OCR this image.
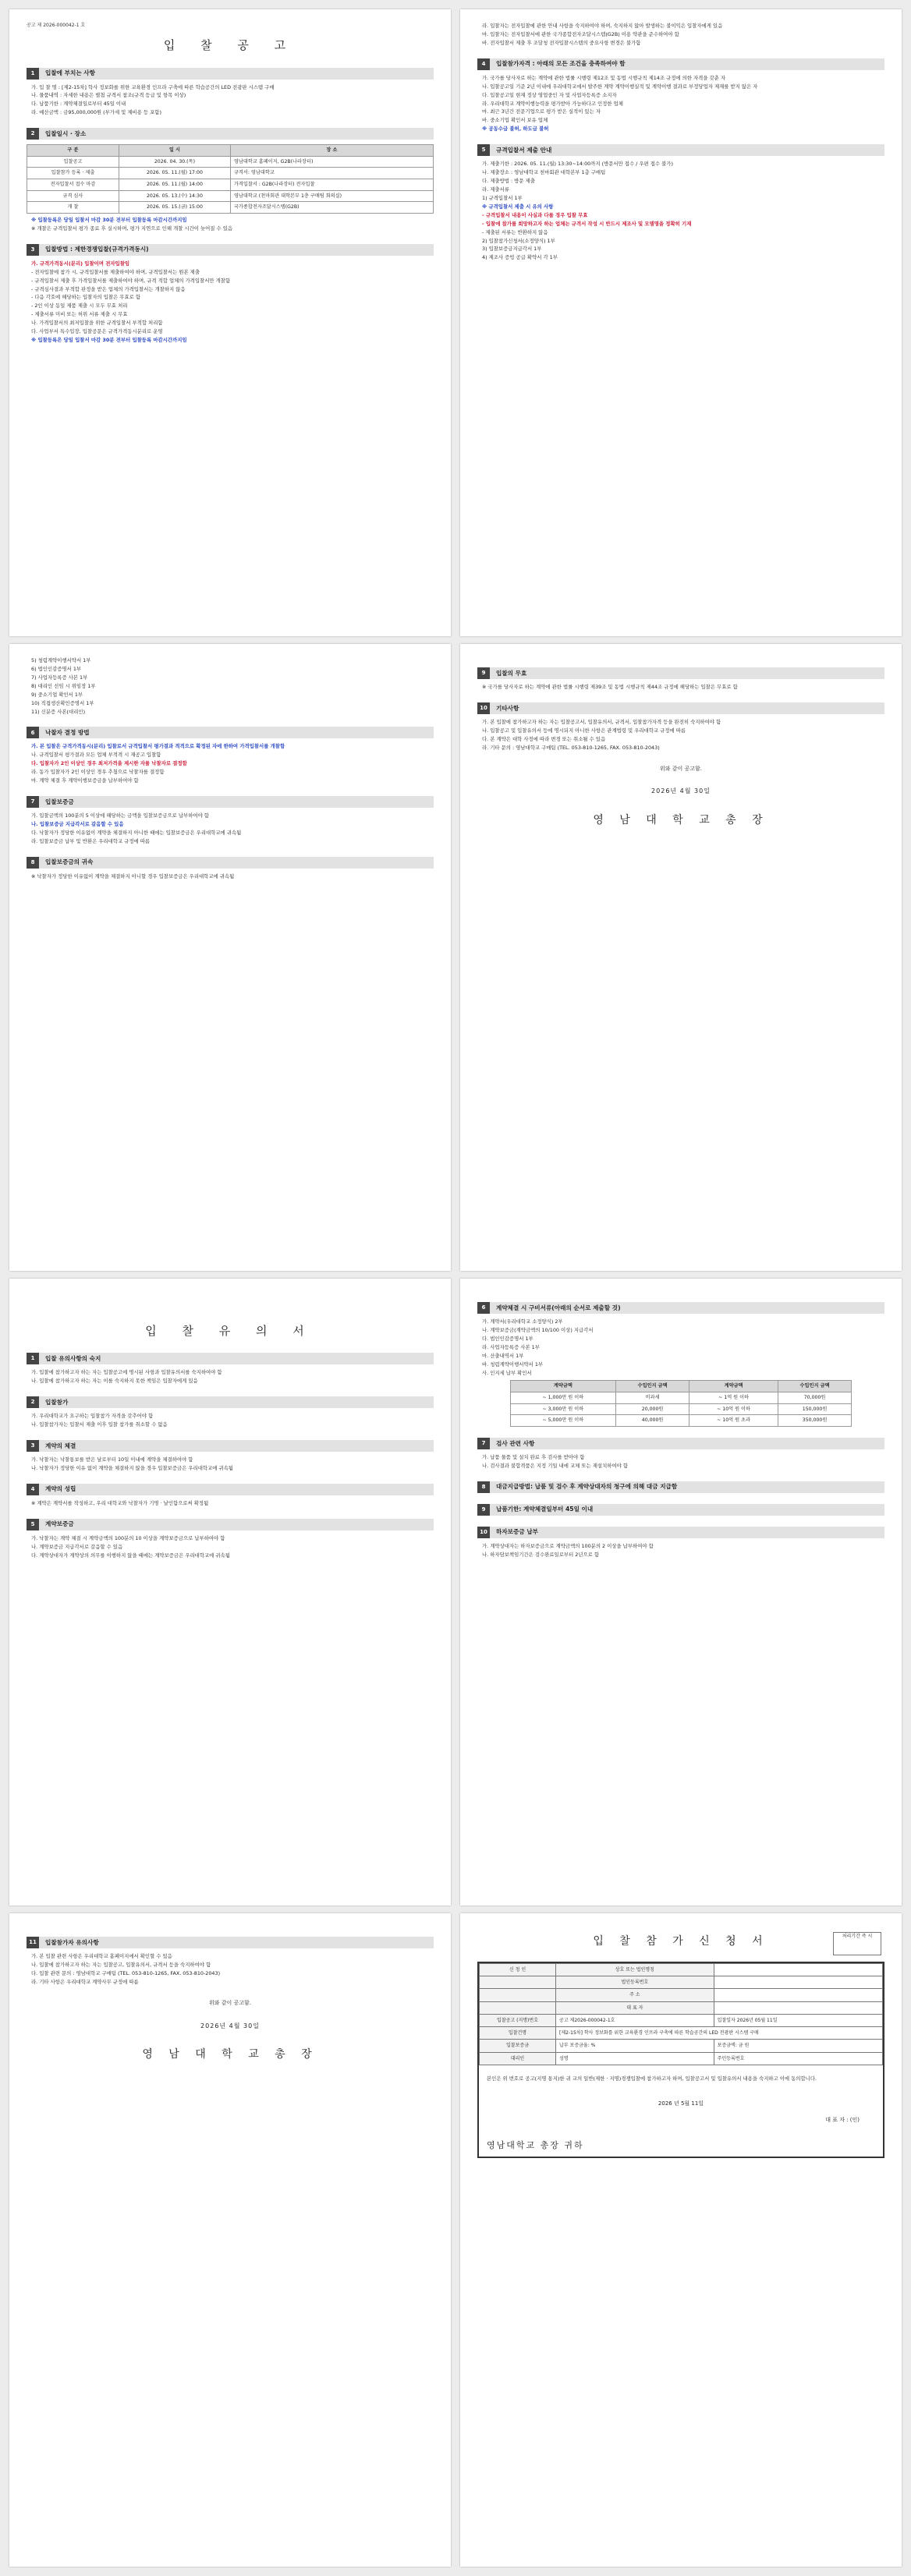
공고 제 2026-000042-1 호
입 찰 공 고
1	입찰에 부치는 사항
가. 입 찰 명 : [제2-15차] 학사 정보화를 위한 교육환경 인프라 구축에 따른 학습공간의 LED 전광판 시스템 구매
나. 물품내역 : 자세한 내용은 별첨 규격서 참조(규격 등급 및 항목 이상)
다. 납품기한 : 계약체결일로부터 45일 이내
라. 예산금액 : 금95,000,000원 (부가세 및 제비용 등 포함)
2	입찰일시 · 장소
구 분	일 시	장 소
입찰공고	2026. 04. 30.(목)	영남대학교 홈페이지, G2B(나라장터)
입찰참가 등록 · 제출	2026. 05. 11.(월) 17:00	규격서: 영남대학교
전자입찰서 접수 마감	2026. 05. 11.(월) 14:00	가격입찰서 : G2B(나라장터) 전자입찰
규격 심사	2026. 05. 13.(수) 14:30	영남대학교 (천마회관 대학본부 1층 구매팀 회의실)
개 찰	2026. 05. 15.(금) 15:00	국가종합전자조달시스템(G2B)
※ 입찰등록은 당일 입찰서 마감 30분 전부터 입찰등록 마감시간까지임
※ 개찰은 규격입찰서 평가 종료 후 실시하며, 평가 지연으로 인해 개찰 시간이 늦어질 수 있음
3	입찰방법 : 제한경쟁입찰(규격가격동시)
가. 규격가격동시(분리) 입찰이며 전자입찰임
- 전자입찰에 참가 시, 규격입찰서를 제출하여야 하며, 규격입찰서는 원본 제출
- 규격입찰서 제출 후 가격입찰서를 제출하여야 하며, 규격 적합 업체의 가격입찰서만 개찰함
- 규격심사결과 부적합 판정을 받은 업체의 가격입찰서는 개찰하지 않음
- 다음 각호에 해당하는 입찰자의 입찰은 무효로 함
- 2인 이상 동일 제품 제출 시 모두 무효 처리
- 제출서류 미비 또는 허위 서류 제출 시 무효
나. 가격입찰서의 최저입찰을 위한 규격입찰서 부적합 처리함
다. 사업부서 특수입장, 입찰공문은 규격가격동시분리로 운영
※ 입찰등록은 당일 입찰서 마감 30분 전부터 입찰등록 마감시간까지임
라. 입찰자는 전자입찰에 관한 안내 사항을 숙지하여야 하며, 숙지하지 않아 발생하는 불이익은 입찰자에게 있음
마. 입찰자는 전자입찰서에 관한 국가종합전자조달시스템(G2B) 이용 약관을 준수하여야 함
바. 전자입찰서 제출 후 조달청 전자입찰시스템의 중요사항 변경은 불가함
4	입찰참가자격 : 아래의 모든 조건을 충족하여야 함
가. 국가를 당사자로 하는 계약에 관한 법률 시행령 제12조 및 동법 시행규칙 제14조 규정에 의한 자격을 갖춘 자
나. 입찰공고일 기준 2년 이내에 우리대학교에서 발주한 계약 계약이행실적 및 계약이행 결과로 부정당업자 제재를 받지 않은 자
다. 입찰공고일 현재 정상 영업중인 자 및 사업자등록증 소지자
라. 우리대학교 계약이행능력을 평가받아 가능하다고 인정한 업체
마. 최근 3년간 전문기업으로 평가 받은 실적이 있는 자
바. 중소기업 확인서 보유 업체
※ 공동수급 불허, 하도급 불허
5	규격입찰서 제출 안내
가. 제출기한 : 2026. 05. 11.(월) 13:30~14:00까지 (방문서만 접수 / 우편 접수 불가)
나. 제출장소 : 영남대학교 천마회관 대학본부 1층 구매팀
다. 제출방법 : 방문 제출
라. 제출서류
1) 규격입찰서 1부
※ 규격입찰서 제출 시 유의 사항
- 규격입찰서 내용이 사실과 다를 경우 입찰 무효
- 입찰에 참가를 희망하고자 하는 업체는 규격서 작성 시 반드시 제조사 및 모델명을 정확히 기재
- 제출된 서류는 반환하지 않음
2) 입찰참가신청서(소정양식) 1부
3) 입찰보증금지급각서 1부
4) 제조사 증빙 공급 확약서 각 1부
5) 청렴계약이행서약서 1부
6) 법인인감증명서 1부
7) 사업자등록증 사본 1부
8) 대리인 선임 시 위임장 1부
9) 중소기업 확인서 1부
10) 직접생산확인증명서 1부
11) 신분증 사본(대리인)
6	낙찰자 결정 방법
가. 본 입찰은 규격가격동시(분리) 입찰로서 규격입찰서 평가결과 적격으로 확정된 자에 한하여 가격입찰서를 개찰함
나. 규격입찰서 평가결과 모든 업체 부적격 시 재공고 입찰함
다. 입찰자가 2인 이상인 경우 최저가격을 제시한 자를 낙찰자로 결정함
라. 동가 입찰자가 2인 이상인 경우 추첨으로 낙찰자를 결정함
마. 계약 체결 후 계약이행보증금을 납부하여야 함
7	입찰보증금
가. 입찰금액의 100분의 5 이상에 해당하는 금액을 입찰보증금으로 납부하여야 함
나. 입찰보증금 지급각서로 갈음할 수 있음
다. 낙찰자가 정당한 이유없이 계약을 체결하지 아니한 때에는 입찰보증금은 우리대학교에 귀속됨
라. 입찰보증금 납부 및 반환은 우리대학교 규정에 따름
8	입찰보증금의 귀속
※ 낙찰자가 정당한 이유없이 계약을 체결하지 아니할 경우 입찰보증금은 우리대학교에 귀속됨
9	입찰의 무효
※ 국가를 당사자로 하는 계약에 관한 법률 시행령 제39조 및 동법 시행규칙 제44조 규정에 해당하는 입찰은 무효로 함
10	기타사항
가. 본 입찰에 참가하고자 하는 자는 입찰공고서, 입찰유의서, 규격서, 입찰참가자격 등을 완전히 숙지하여야 함
나. 입찰공고 및 입찰유의서 등에 명시되지 아니한 사항은 관계법령 및 우리대학교 규정에 따름
다. 본 계약은 대학 사정에 따라 변경 또는 취소될 수 있음
라. 기타 문의 : 영남대학교 구매팀 (TEL. 053-810-1265, FAX. 053-810-2043)
위와 같이 공고함.
2026년 4월 30일
영 남 대 학 교 총 장
입 찰 유 의 서
1	입찰 유의사항의 숙지
가. 입찰에 참가하고자 하는 자는 입찰공고에 명시된 사항과 입찰유의서를 숙지하여야 함
나. 입찰에 참가하고자 하는 자는 이를 숙지하지 못한 책임은 입찰자에게 있음
2	입찰참가
가. 우리대학교가 요구하는 입찰참가 자격을 갖추어야 함
나. 입찰참가자는 입찰서 제출 이후 입찰 참가를 취소할 수 없음
3	계약의 체결
가. 낙찰자는 낙찰통보를 받은 날로부터 10일 이내에 계약을 체결하여야 함
나. 낙찰자가 정당한 이유 없이 계약을 체결하지 않을 경우 입찰보증금은 우리대학교에 귀속됨
4	계약의 성립
※ 계약은 계약서를 작성하고, 우리 대학교와 낙찰자가 기명 · 날인함으로써 확정됨
5	계약보증금
가. 낙찰자는 계약 체결 시 계약금액의 100분의 10 이상을 계약보증금으로 납부하여야 함
나. 계약보증금 지급각서로 갈음할 수 있음
다. 계약상대자가 계약상의 의무를 이행하지 않을 때에는 계약보증금은 우리대학교에 귀속됨
6	계약체결 시 구비서류(아래의 순서로 제출할 것)
가. 계약서(우리대학교 소정양식) 2부
나. 계약보증금(계약금액의 10/100 이상) 지급각서
다. 법인인감증명서 1부
라. 사업자등록증 사본 1부
마. 산출내역서 1부
바. 청렴계약이행서약서 1부
사. 인지세 납부 확인서
계약금액	수입인지 금액	계약금액	수입인지 금액
~ 1,000만 원 이하	비과세	~ 1억 원 이하	70,000원
~ 3,000만 원 이하	20,000원	~ 10억 원 이하	150,000원
~ 5,000만 원 이하	40,000원	~ 10억 원 초과	350,000원
7	검사 관련 사항
가. 납품 물품 및 설치 완료 후 검사를 받아야 함
나. 검사결과 불합격품은 지정 기일 내에 교체 또는 재설치하여야 함
8	대금지급방법: 납품 및 검수 후 계약상대자의 청구에 의해 대금 지급함
9	납품기한: 계약체결일부터 45일 이내
10	하자보증금 납부
가. 계약상대자는 하자보증금으로 계약금액의 100분의 2 이상을 납부하여야 함
나. 하자담보책임기간은 검수완료일로부터 2년으로 함
11	입찰참가자 유의사항
가. 본 입찰 관련 사항은 우리대학교 홈페이지에서 확인할 수 있음
나. 입찰에 참가하고자 하는 자는 입찰공고, 입찰유의서, 규격서 등을 숙지하여야 함
다. 입찰 관련 문의 : 영남대학교 구매팀 (TEL. 053-810-1265, FAX. 053-810-2043)
라. 기타 사항은 우리대학교 계약사무 규정에 따름
위와 같이 공고함.
2026년 4월 30일
영 남 대 학 교 총 장
처리기간 즉 시
입 찰 참 가 신 청 서
신 청 인	상호 또는 법인명칭	
	법인등록번호	
	주 소	
	대 표 자	
입찰공고 (지명)번호	공고 제2026-000042-1호	입찰일자 2026년 05월 11일
입찰건명	[제2-15차] 학사 정보화를 위한 교육환경 인프라 구축에 따른 학습공간의 LED 전광판 시스템 구매	
입찰보증금	납부 보증금율: %	보증금액: 금 원
대리인	성명	주민등록번호
본인은 위 번호로 공고(지명 통지)한 귀 교의 일반(제한 · 지명)경쟁입찰에 참가하고자 하며, 입찰공고서 및 입찰유의서 내용을 숙지하고 이에 동의합니다.
2026 년 5월 11일
대 표 자 : (인)
영남대학교 총장 귀하
